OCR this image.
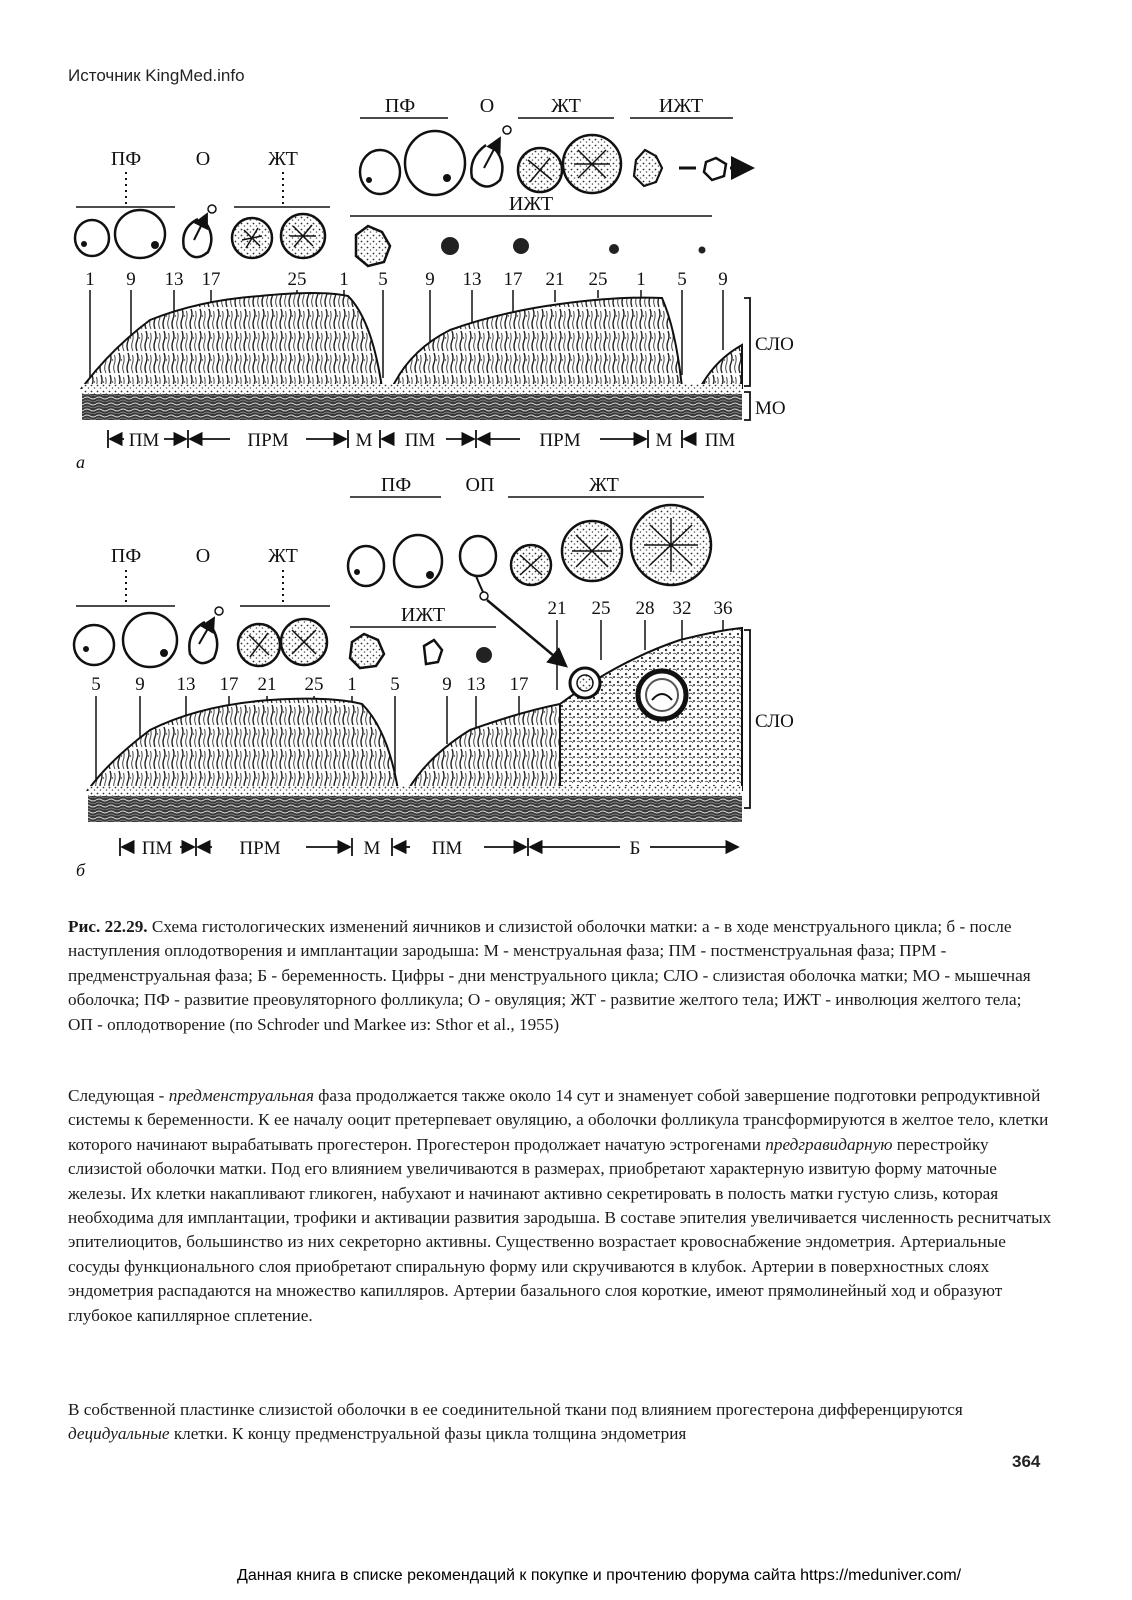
Источник KingMed.info
ПФ	О	ЖТ
ПФ	О	ЖТ	ИЖТ
ИЖТ
1 9 13 17	25 1 5 9 13 17 21 25 1 5 9
СЛО
МО
ПМ	ПРМ	М ПМ	ПРМ	М ПМ
а
ПФ	О	ЖТ
ПФ	ОП	ЖТ
ИЖТ
5 9 13 17 21 25 1 5 9 13 17
21 25 28 32 36
СЛО
ПМ	ПРМ	М	ПМ	Б
б
Рис. 22.29. Схема гистологических изменений яичников и слизистой оболочки матки: а - в ходе менструального цикла; б - после наступления оплодотворения и имплантации зародыша: М - менструальная фаза; ПМ - постменструальная фаза; ПРМ - предменструальная фаза; Б - беременность. Цифры - дни менструального цикла; СЛО - слизистая оболочка матки; МО - мышечная оболочка; ПФ - развитие преовуляторного фолликула; О - овуляция; ЖТ - развитие желтого тела; ИЖТ - инволюция желтого тела; ОП - оплодотворение (по Schroder und Markee из: Sthor et al., 1955)
Следующая - предменструальная фаза продолжается также около 14 сут и знаменует собой завершение подготовки репродуктивной системы к беременности. К ее началу ооцит претерпевает овуляцию, а оболочки фолликула трансформируются в желтое тело, клетки которого начинают вырабатывать прогестерон. Прогестерон продолжает начатую эстрогенами предгравидарную перестройку слизистой оболочки матки. Под его влиянием увеличиваются в размерах, приобретают характерную извитую форму маточные железы. Их клетки накапливают гликоген, набухают и начинают активно секретировать в полость матки густую слизь, которая необходима для имплантации, трофики и активации развития зародыша. В составе эпителия увеличивается численность реснитчатых эпителиоцитов, большинство из них секреторно активны. Существенно возрастает кровоснабжение эндометрия. Артериальные сосуды функционального слоя приобретают спиральную форму или скручиваются в клубок. Артерии в поверхностных слоях эндометрия распадаются на множество капилляров. Артерии базального слоя короткие, имеют прямолинейный ход и образуют глубокое капиллярное сплетение.
В собственной пластинке слизистой оболочки в ее соединительной ткани под влиянием прогестерона дифференцируются децидуальные клетки. К концу предменструальной фазы цикла толщина эндометрия
364
Данная книга в списке рекомендаций к покупке и прочтению форума сайта https://meduniver.com/
